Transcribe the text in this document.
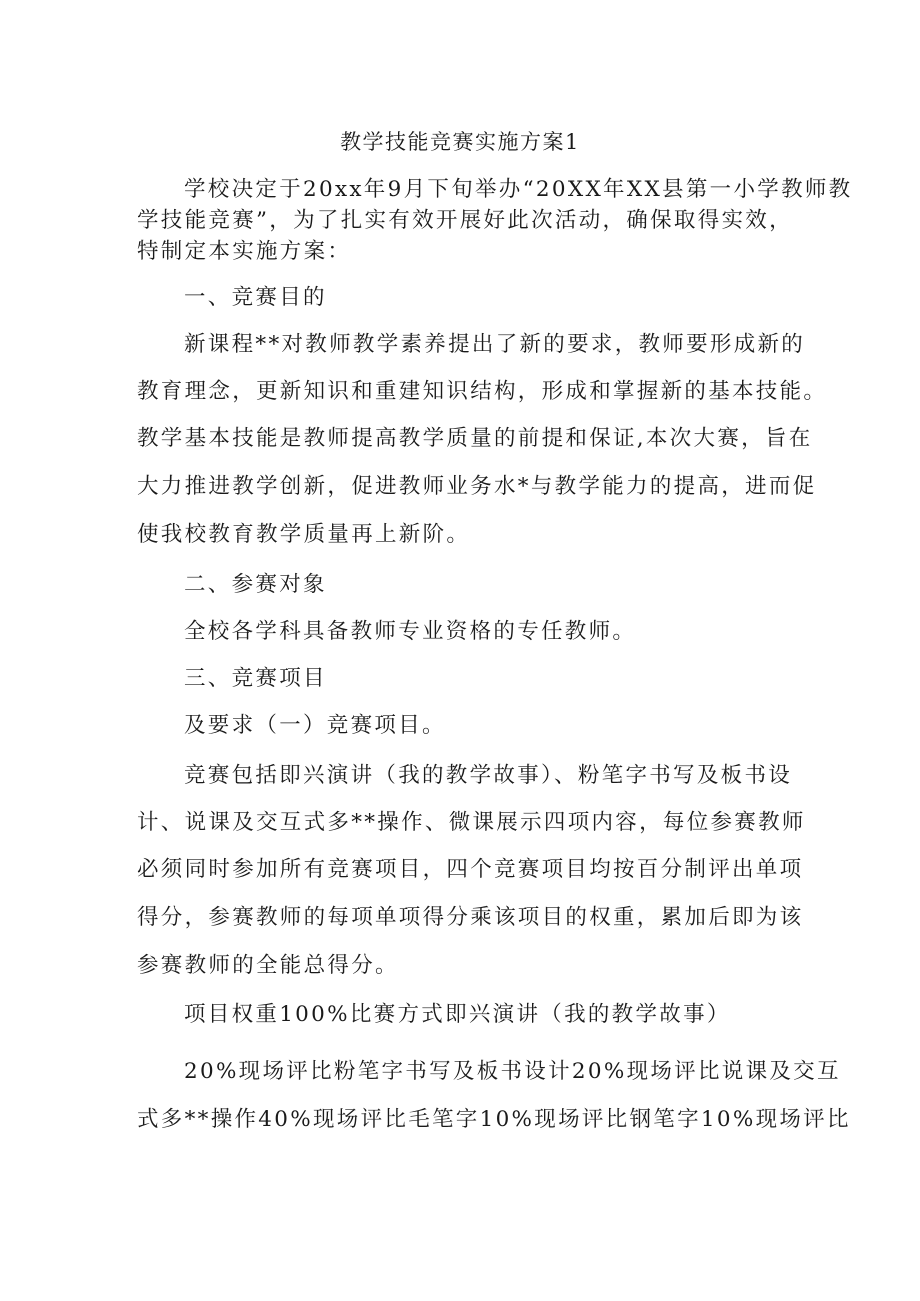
教学技能竞赛实施方案1
学校决定于20xx年9月下旬举办“20XX年XX县第一小学教师教
学技能竞赛”，为了扎实有效开展好此次活动，确保取得实效，
特制定本实施方案：
一、竞赛目的
新课程**对教师教学素养提出了新的要求，教师要形成新的
教育理念，更新知识和重建知识结构，形成和掌握新的基本技能。
教学基本技能是教师提高教学质量的前提和保证,本次大赛，旨在
大力推进教学创新，促进教师业务水*与教学能力的提高，进而促
使我校教育教学质量再上新阶。
二、参赛对象
全校各学科具备教师专业资格的专任教师。
三、竞赛项目
及要求（一）竞赛项目。
竞赛包括即兴演讲（我的教学故事）、粉笔字书写及板书设
计、说课及交互式多**操作、微课展示四项内容，每位参赛教师
必须同时参加所有竞赛项目，四个竞赛项目均按百分制评出单项
得分，参赛教师的每项单项得分乘该项目的权重，累加后即为该
参赛教师的全能总得分。
项目权重100%比赛方式即兴演讲（我的教学故事）
20%现场评比粉笔字书写及板书设计20%现场评比说课及交互
式多**操作40%现场评比毛笔字10%现场评比钢笔字10%现场评比
